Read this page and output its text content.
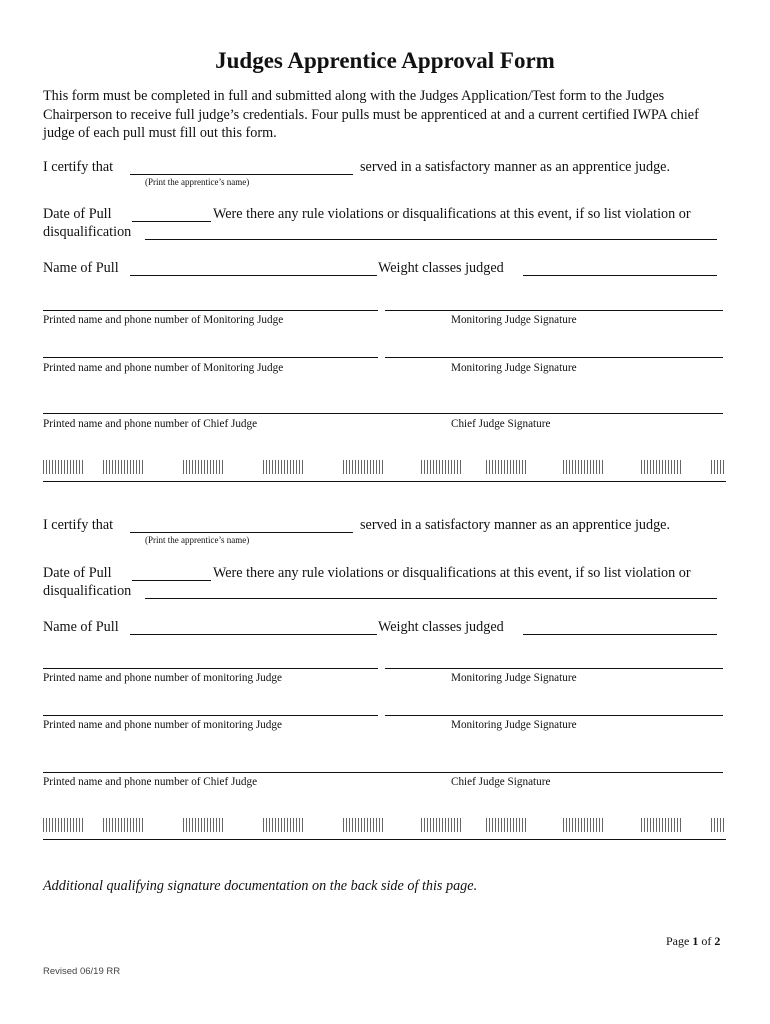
Judges Apprentice Approval Form
This form must be completed in full and submitted along with the Judges Application/Test form to the Judges Chairperson to receive full judge’s credentials. Four pulls must be apprenticed at and a current certified IWPA chief judge of each pull must fill out this form.
I certify that	served in a satisfactory manner as an apprentice judge.
(Print the apprentice’s name)
Date of Pull	Were there any rule violations or disqualifications at this event, if so list violation or
disqualification
Name of Pull	Weight classes judged
Printed name and phone number of Monitoring Judge	Monitoring Judge Signature
Printed name and phone number of Monitoring Judge	Monitoring Judge Signature
Printed name and phone number of Chief Judge	Chief Judge Signature
I certify that	served in a satisfactory manner as an apprentice judge.
(Print the apprentice’s name)
Date of Pull	Were there any rule violations or disqualifications at this event, if so list violation or
disqualification
Name of Pull	Weight classes judged
Printed name and phone number of monitoring Judge	Monitoring Judge Signature
Printed name and phone number of monitoring Judge	Monitoring Judge Signature
Printed name and phone number of Chief Judge	Chief Judge Signature
Additional qualifying signature documentation on the back side of this page.
Page 1 of 2
Revised 06/19 RR
